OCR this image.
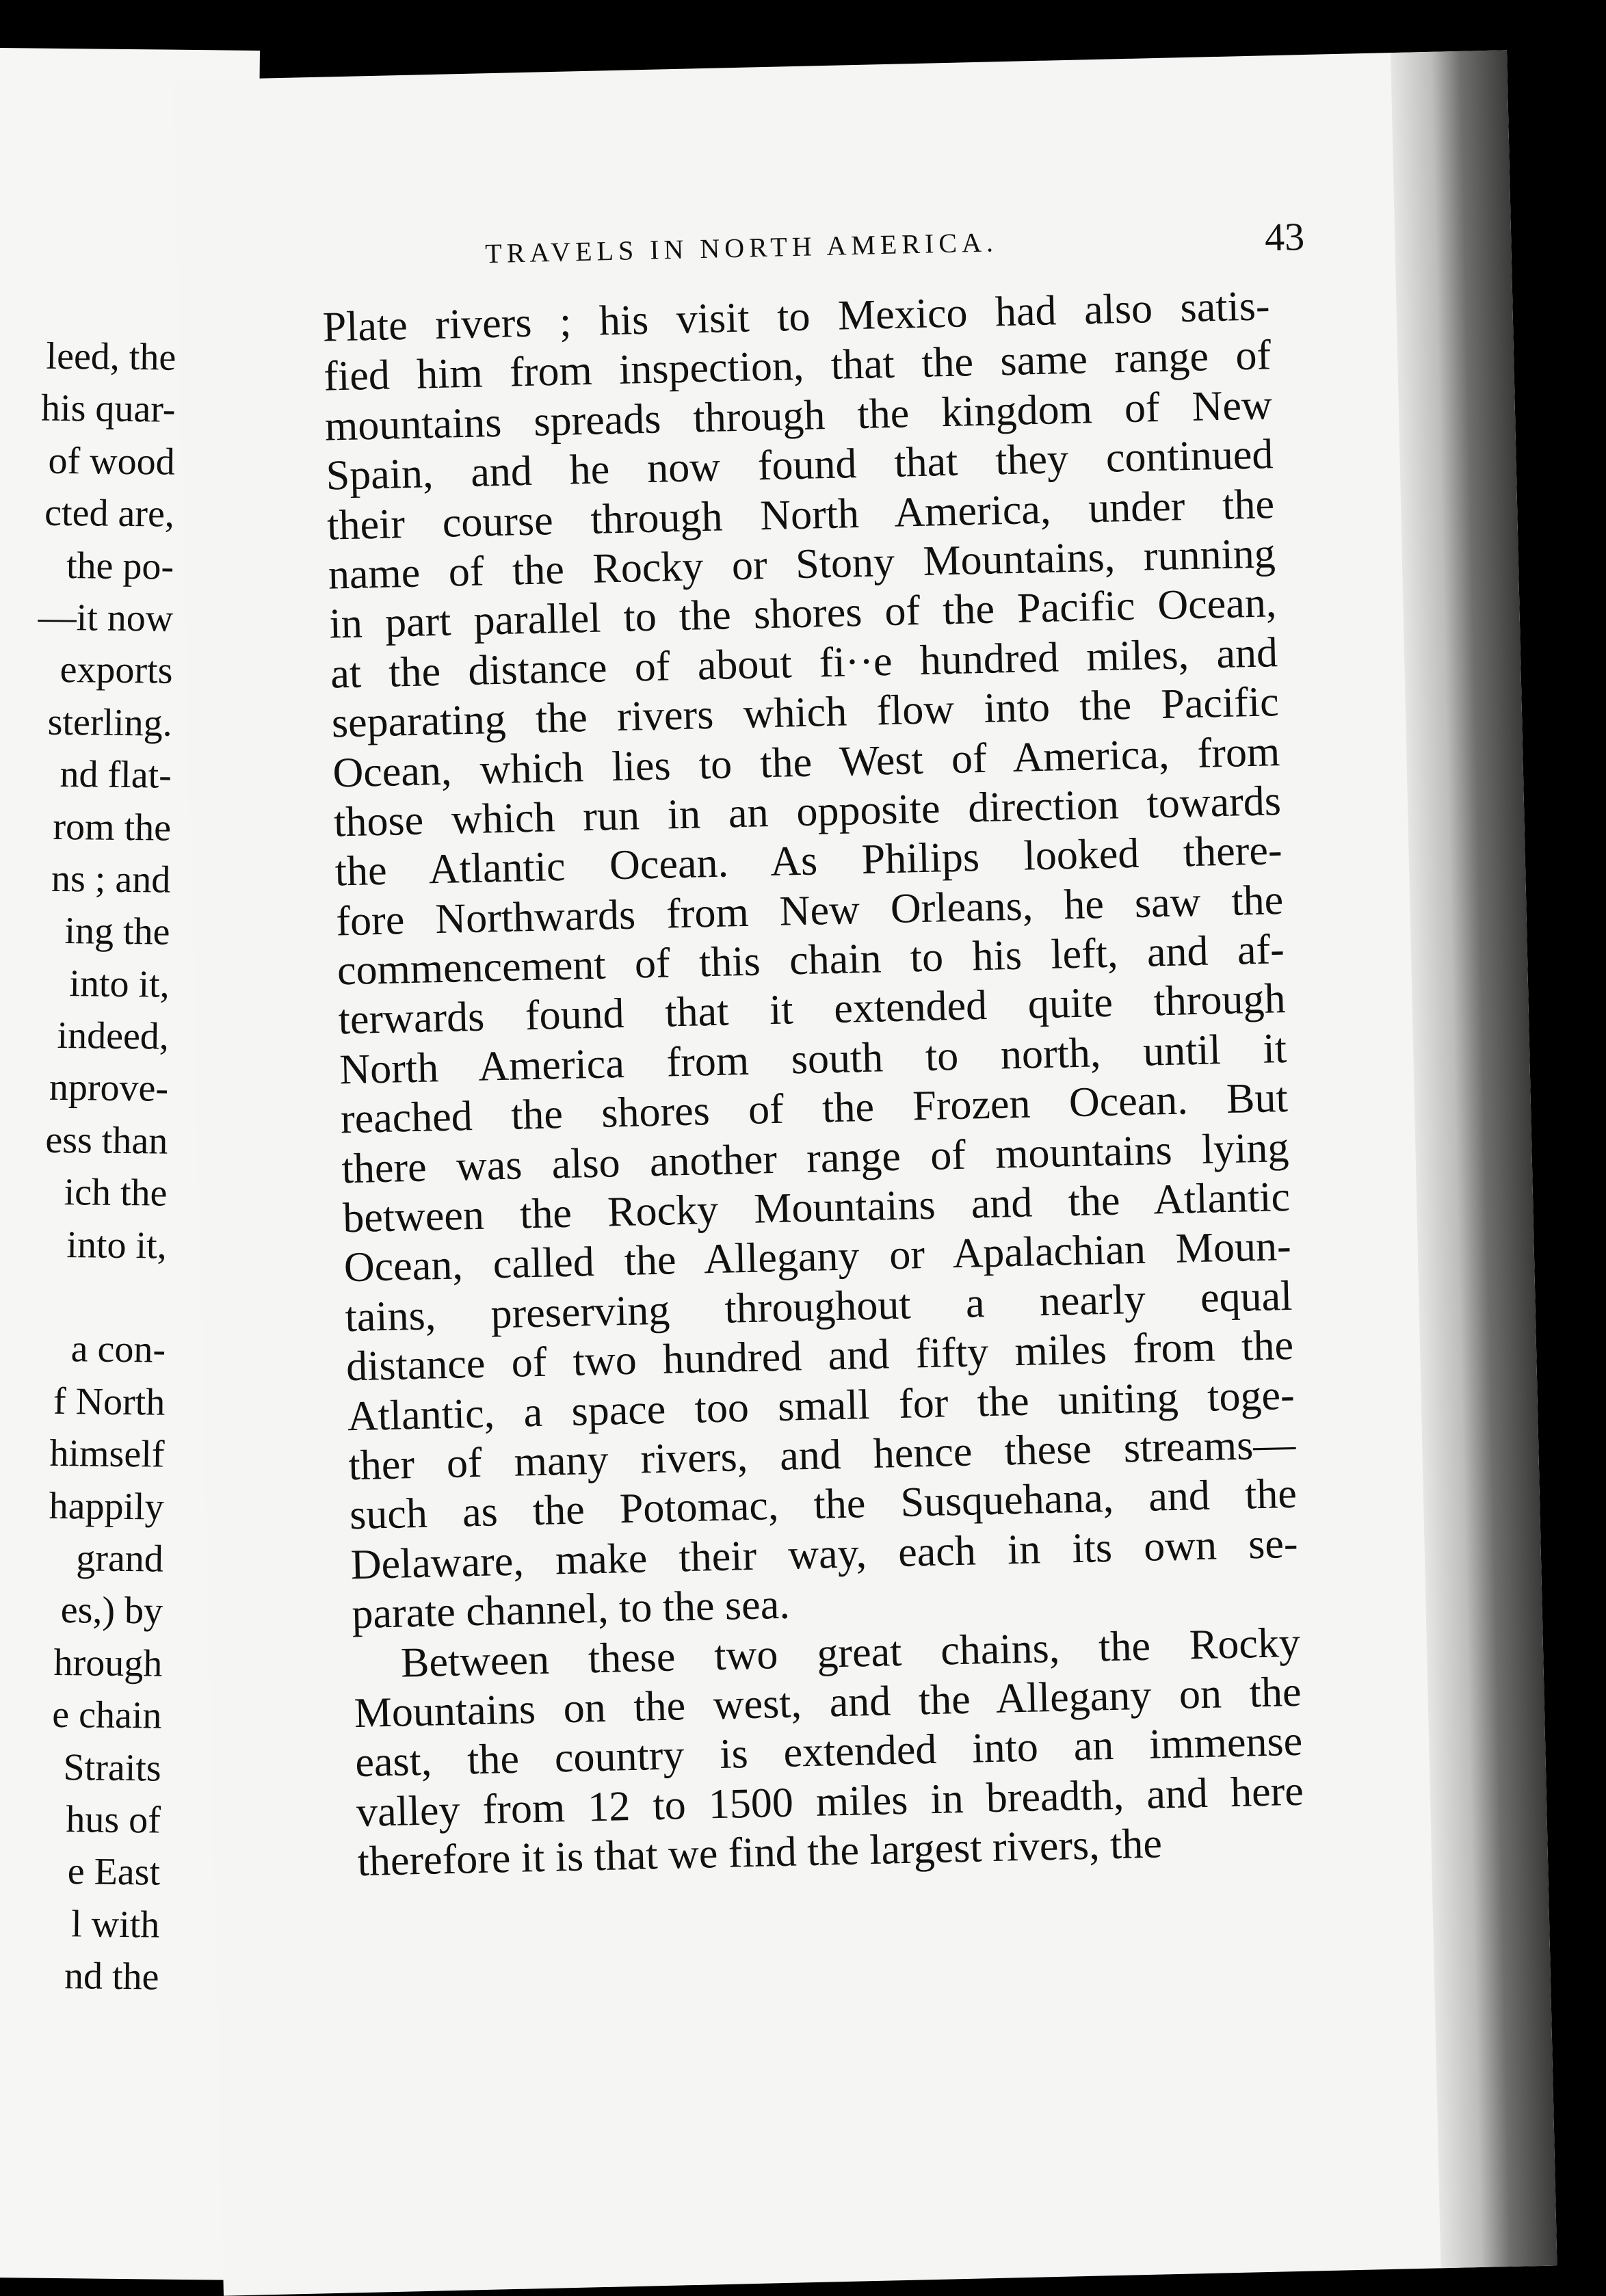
leed, the
his quar-
of wood
cted are,
the po-
—it now
exports
sterling.
nd flat-
rom the
ns ; and
ing the
into it,
indeed,
nprove-
ess than
ich the
into it,
a con-
f North
himself
happily
grand
es,) by
hrough
e chain
Straits
hus of
e East
l with
nd the
TRAVELS IN NORTH AMERICA.	43
Plate rivers ; his visit to Mexico had also satis-
fied him from inspection, that the same range of
mountains spreads through the kingdom of New
Spain, and he now found that they continued
their course through North America, under the
name of the Rocky or Stony Mountains, running
in part parallel to the shores of the Pacific Ocean,
at the distance of about fi··e hundred miles, and
separating the rivers which flow into the Pacific
Ocean, which lies to the West of America, from
those which run in an opposite direction towards
the Atlantic Ocean. As Philips looked there-
fore Northwards from New Orleans, he saw the
commencement of this chain to his left, and af-
terwards found that it extended quite through
North America from south to north, until it
reached the shores of the Frozen Ocean. But
there was also another range of mountains lying
between the Rocky Mountains and the Atlantic
Ocean, called the Allegany or Apalachian Moun-
tains, preserving throughout a nearly equal
distance of two hundred and fifty miles from the
Atlantic, a space too small for the uniting toge-
ther of many rivers, and hence these streams—
such as the Potomac, the Susquehana, and the
Delaware, make their way, each in its own se-
parate channel, to the sea.
Between these two great chains, the Rocky
Mountains on the west, and the Allegany on the
east, the country is extended into an immense
valley from 12 to 1500 miles in breadth, and here
therefore it is that we find the largest rivers, the
